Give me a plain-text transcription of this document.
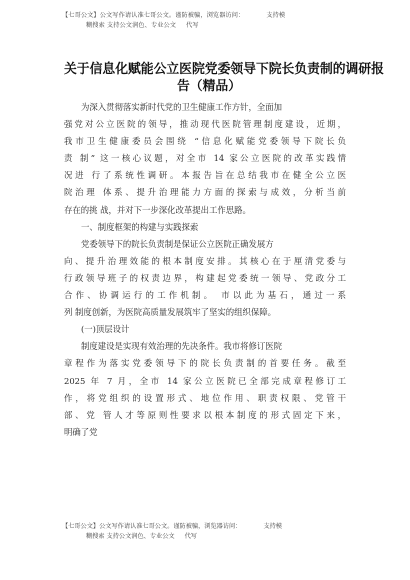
【七哥公文】公文写作请认准七哥公文。谨防被骗，浏览器访问：	支持模
糊搜索 支持公文润色、专业公文 代写
关于信息化赋能公立医院党委领导下院长负责制的调研报
告（精品）
为深入贯彻落实新时代党的卫生健康工作方针，全面加
强党对公立医院的领导，推动现代医院管理制度建设，近期，
我市卫生健康委员会围绕 “信息化赋能党委领导下院长负
责 制” 这一核心议题，对全市 14 家公立医院的改革实践情
况进 行了系统性调研。本报告旨在总结我市在健全公立医
院治理 体系、提升治理能力方面的探索与成效，分析当前
存在的挑 战，并对下一步深化改革提出工作思路。
一、制度框架的构建与实践探索
党委领导下的院长负责制是保证公立医院正确发展方
向、提升治理效能的根本制度安排。其核心在于厘清党委与
行政领导班子的权责边界，构建起党委统一领导、党政分工
合作、协调运行的工作机制。 市以此为基石，通过一系
列 制度创新，为医院高质量发展筑牢了坚实的组织保障。
(一)顶层设计
制度建设是实现有效治理的先决条件。我市将修订医院
章程作为落实党委领导下的院长负责制的首要任务。截至
2025 年 7 月，全市 14 家公立医院已全部完成章程修订工
作，将党组织的设置形式、地位作用、职责权限、党管干
部、党 管人才等原则性要求以根本制度的形式固定下来，
明确了党
【七哥公文】公文写作请认准七哥公文。谨防被骗，浏览器访问：	支持模
糊搜索 支持公文润色、专业公文 代写
